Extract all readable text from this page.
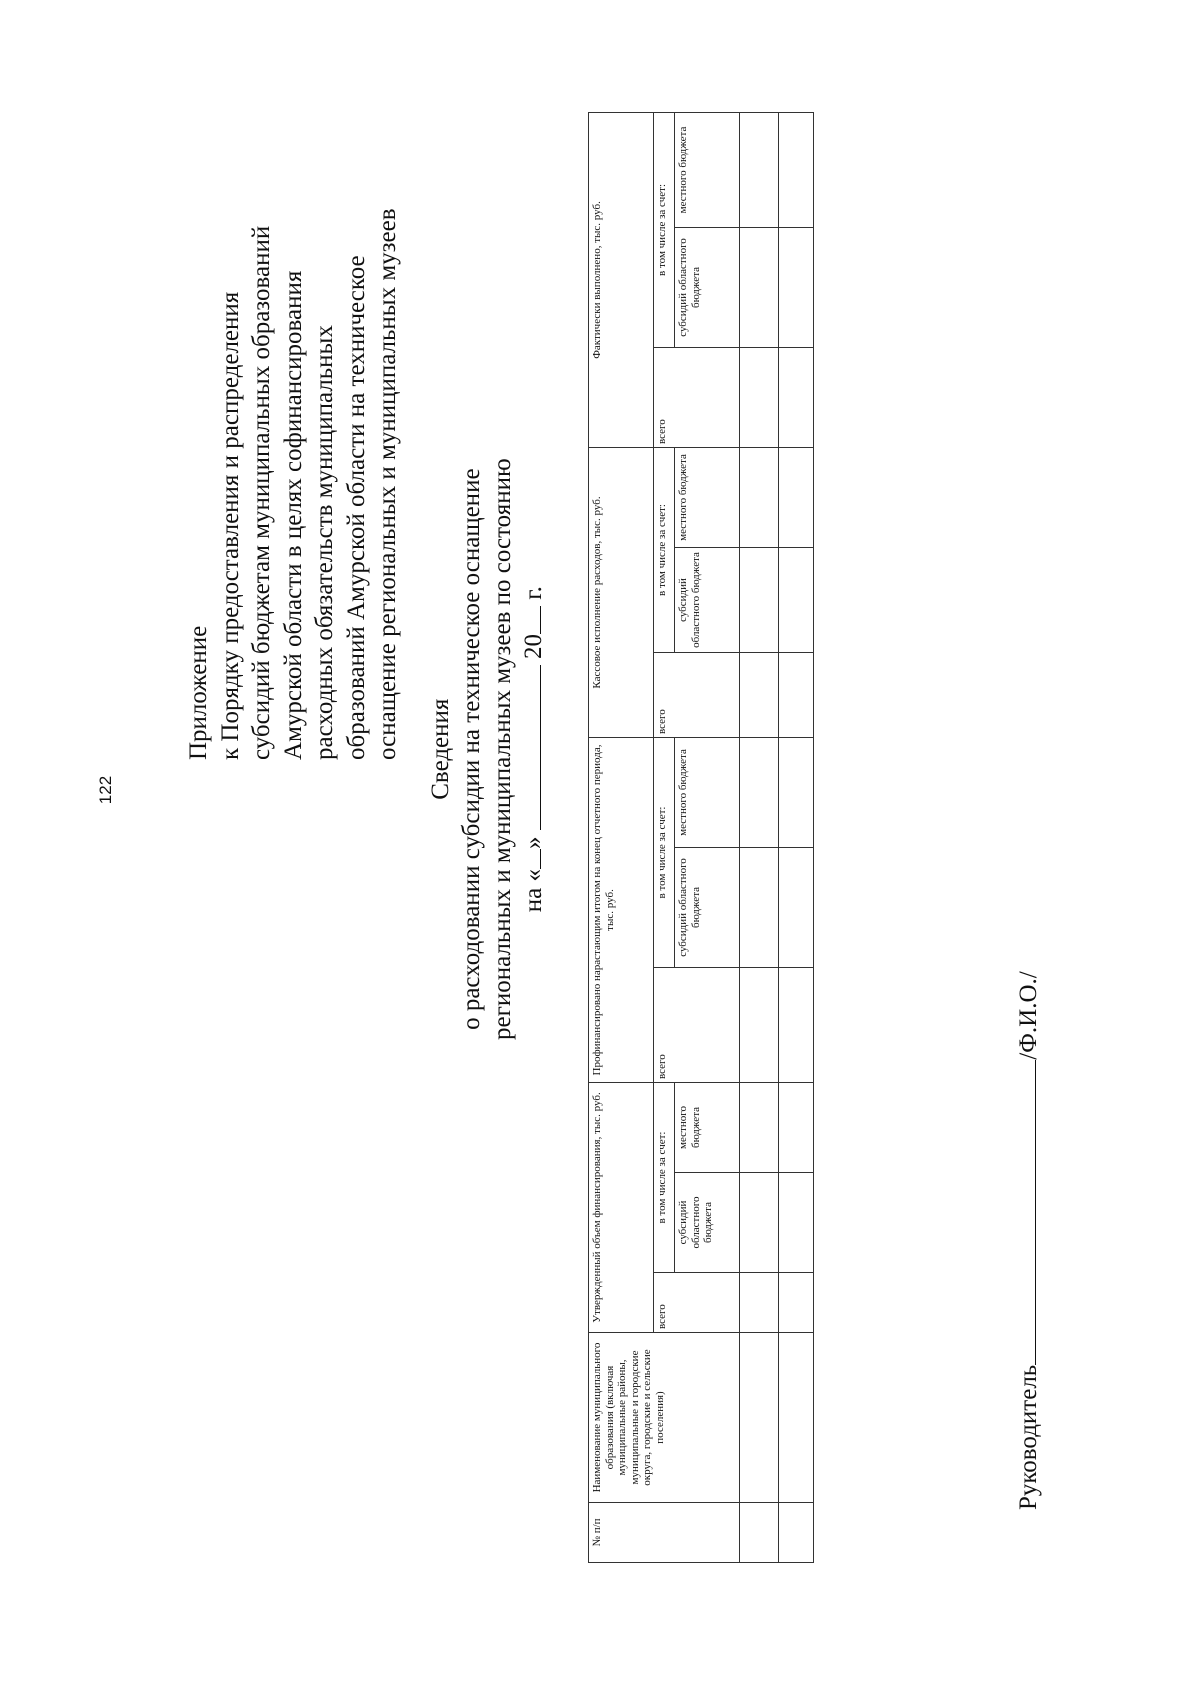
122
Приложение к Порядку предоставления и распределения субсидий бюджетам муниципальных образований Амурской области в целях софинансирования расходных обязательств муниципальных образований Амурской области на техническое оснащение региональных и муниципальных музеев Сведения о расходовании субсидии на техническое оснащение региональных и муниципальных музеев по состоянию на «»  20 г.
№ п/п	Наименование муниципального образования (включая муниципальные районы, муниципальные и городские округа, городские и сельские поселения)	Утвержденный объем финансирования, тыс. руб.			Профинансировано нарастающим итогом на конец отчетного периода, тыс. руб.			Кассовое исполнение расходов, тыс. руб.			Фактически выполнено, тыс. руб.		
		всего	в том числе за счет:		всего	в том числе за счет:		всего	в том числе за счет:		всего	в том числе за счет:	
			субсидий областного бюджета	местного бюджета		субсидий областного бюджета	местного бюджета		субсидий областного бюджета	местного бюджета		субсидий областного бюджета	местного бюджета

Руководитель/Ф.И.О./
